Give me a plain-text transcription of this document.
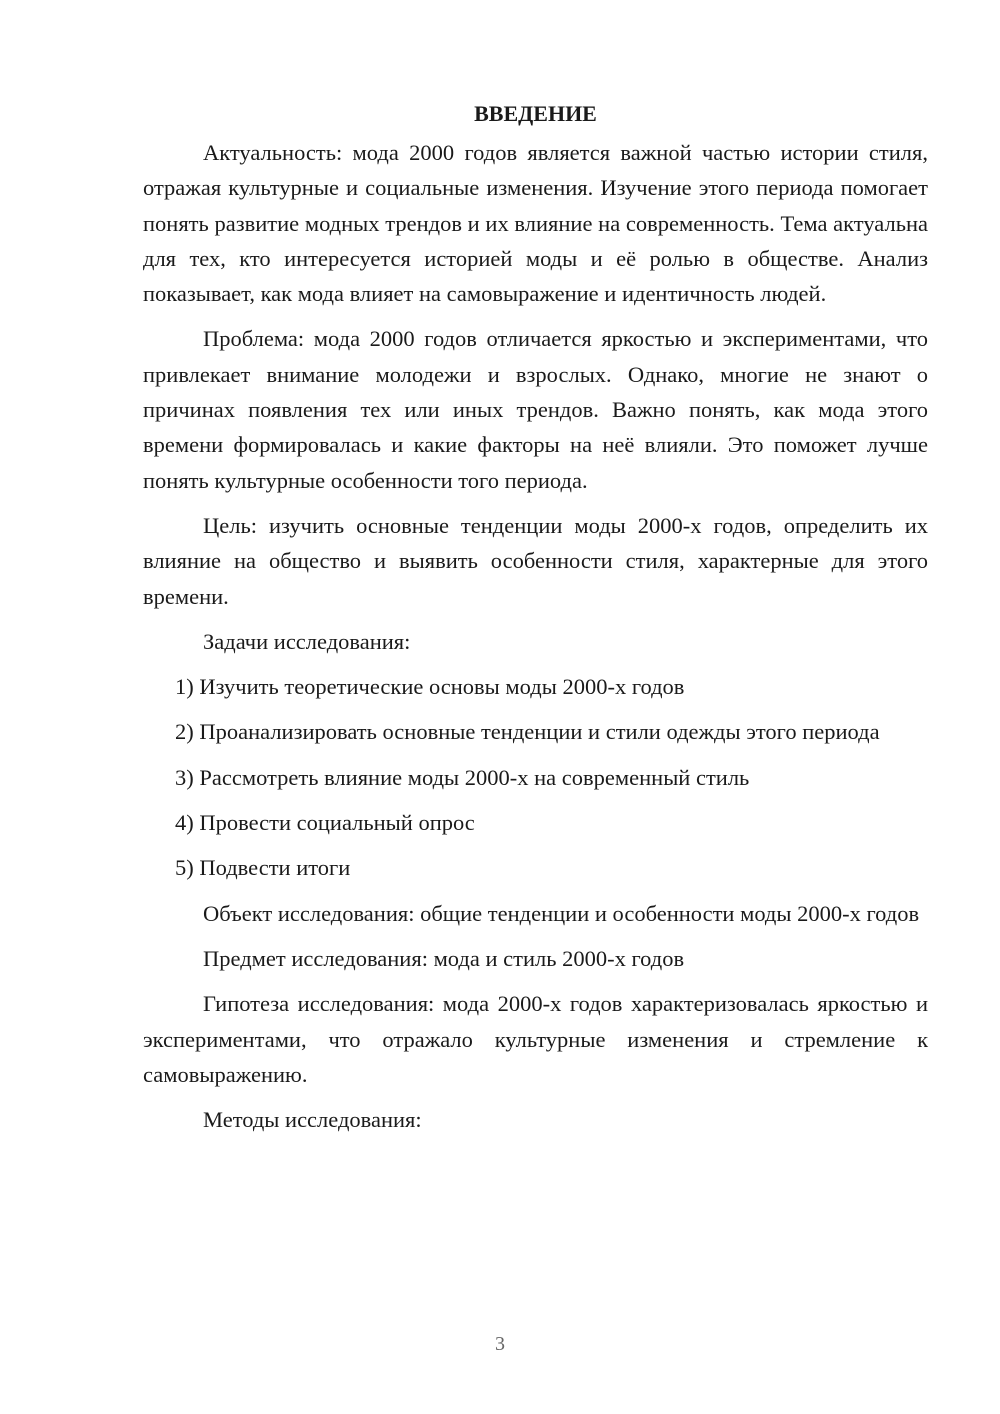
ВВЕДЕНИЕ

Актуальность: мода 2000 годов является важной частью истории стиля, отражая культурные и социальные изменения. Изучение этого периода помогает понять развитие модных трендов и их влияние на современность. Тема актуальна для тех, кто интересуется историей моды и её ролью в обществе. Анализ показывает, как мода влияет на самовыражение и идентичность людей.

Проблема: мода 2000 годов отличается яркостью и экспериментами, что привлекает внимание молодежи и взрослых. Однако, многие не знают о причинах появления тех или иных трендов. Важно понять, как мода этого времени формировалась и какие факторы на неё влияли. Это поможет лучше понять культурные особенности того периода.

Цель: изучить основные тенденции моды 2000-х годов, определить их влияние на общество и выявить особенности стиля, характерные для этого времени.

Задачи исследования:

1) Изучить теоретические основы моды 2000-х годов

2) Проанализировать основные тенденции и стили одежды этого периода

3) Рассмотреть влияние моды 2000-х на современный стиль

4) Провести социальный опрос

5) Подвести итоги

Объект исследования: общие тенденции и особенности моды 2000-х годов

Предмет исследования: мода и стиль 2000-х годов

Гипотеза исследования: мода 2000-х годов характеризовалась яркостью и экспериментами, что отражало культурные изменения и стремление к самовыражению.

Методы исследования:

3
